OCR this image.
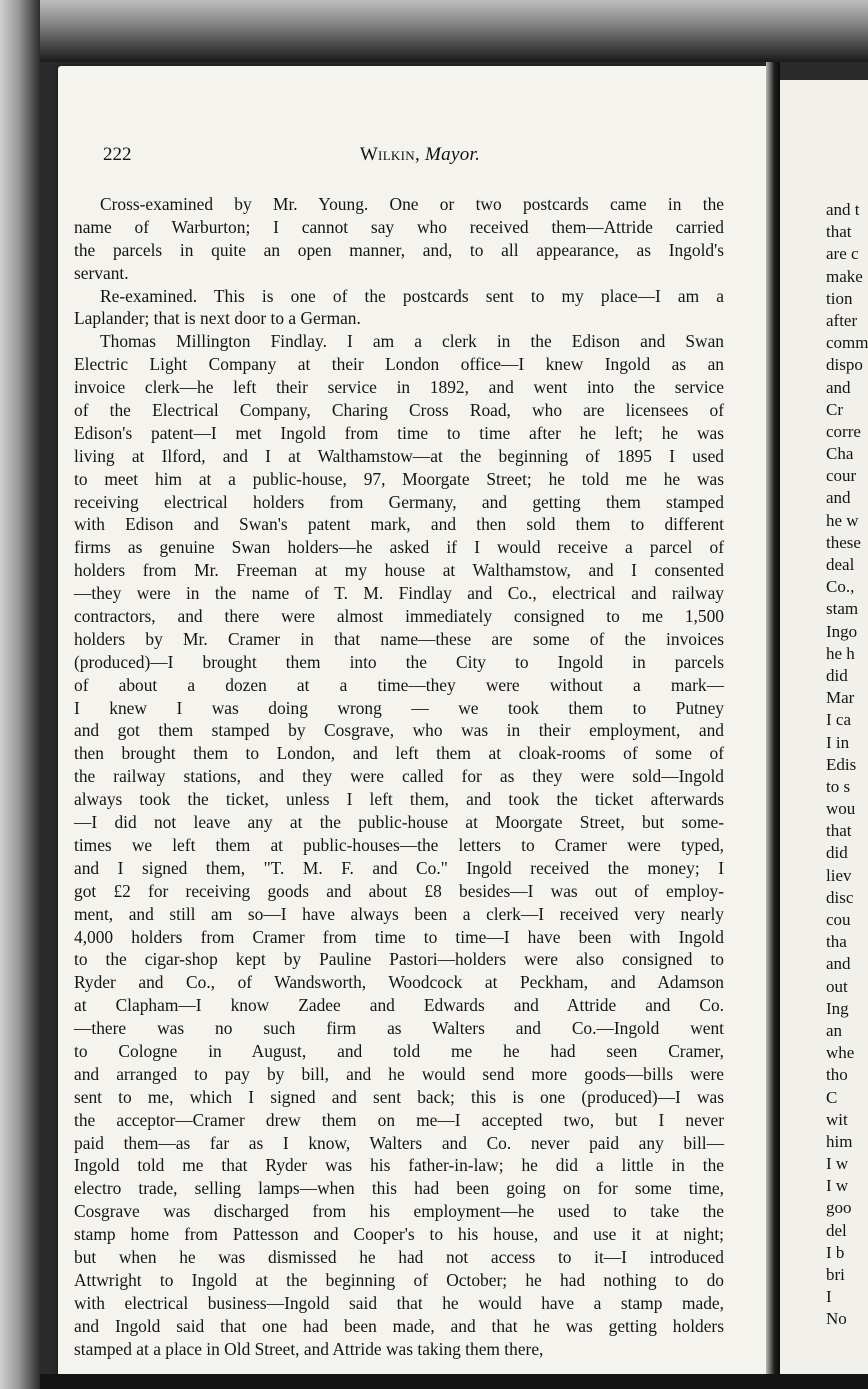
222	Wilkin, Mayor.
Cross-examined by Mr. Young. One or two postcards came in the
name of Warburton; I cannot say who received them—Attride carried
the parcels in quite an open manner, and, to all appearance, as Ingold's
servant.
Re-examined. This is one of the postcards sent to my place—I am a
Laplander; that is next door to a German.
Thomas Millington Findlay. I am a clerk in the Edison and Swan
Electric Light Company at their London office—I knew Ingold as an
invoice clerk—he left their service in 1892, and went into the service
of the Electrical Company, Charing Cross Road, who are licensees of
Edison's patent—I met Ingold from time to time after he left; he was
living at Ilford, and I at Walthamstow—at the beginning of 1895 I used
to meet him at a public-house, 97, Moorgate Street; he told me he was
receiving electrical holders from Germany, and getting them stamped
with Edison and Swan's patent mark, and then sold them to different
firms as genuine Swan holders—he asked if I would receive a parcel of
holders from Mr. Freeman at my house at Walthamstow, and I consented
—they were in the name of T. M. Findlay and Co., electrical and railway
contractors, and there were almost immediately consigned to me 1,500
holders by Mr. Cramer in that name—these are some of the invoices
(produced)—I brought them into the City to Ingold in parcels
of about a dozen at a time—they were without a mark—
I knew I was doing wrong — we took them to Putney
and got them stamped by Cosgrave, who was in their employment, and
then brought them to London, and left them at cloak-rooms of some of
the railway stations, and they were called for as they were sold—Ingold
always took the ticket, unless I left them, and took the ticket afterwards
—I did not leave any at the public-house at Moorgate Street, but some-
times we left them at public-houses—the letters to Cramer were typed,
and I signed them, "T. M. F. and Co." Ingold received the money; I
got £2 for receiving goods and about £8 besides—I was out of employ-
ment, and still am so—I have always been a clerk—I received very nearly
4,000 holders from Cramer from time to time—I have been with Ingold
to the cigar-shop kept by Pauline Pastori—holders were also consigned to
Ryder and Co., of Wandsworth, Woodcock at Peckham, and Adamson
at Clapham—I know Zadee and Edwards and Attride and Co.
—there was no such firm as Walters and Co.—Ingold went
to Cologne in August, and told me he had seen Cramer,
and arranged to pay by bill, and he would send more goods—bills were
sent to me, which I signed and sent back; this is one (produced)—I was
the acceptor—Cramer drew them on me—I accepted two, but I never
paid them—as far as I know, Walters and Co. never paid any bill—
Ingold told me that Ryder was his father-in-law; he did a little in the
electro trade, selling lamps—when this had been going on for some time,
Cosgrave was discharged from his employment—he used to take the
stamp home from Pattesson and Cooper's to his house, and use it at night;
but when he was dismissed he had not access to it—I introduced
Attwright to Ingold at the beginning of October; he had nothing to do
with electrical business—Ingold said that he would have a stamp made,
and Ingold said that one had been made, and that he was getting holders
stamped at a place in Old Street, and Attride was taking them there,
and t
that
are c
make
tion
after
comm
dispo
and
Cr
corre
Cha
cour
and
he w
these
deal
Co.,
stam
Ingo
he h
did
Mar
I ca
I in
Edis
to s
wou
that
did
liev
disc
cou
tha
and
out
Ing
an
whe
tho
C
wit
him
I w
I w
goo
del
I b
bri
I
No
